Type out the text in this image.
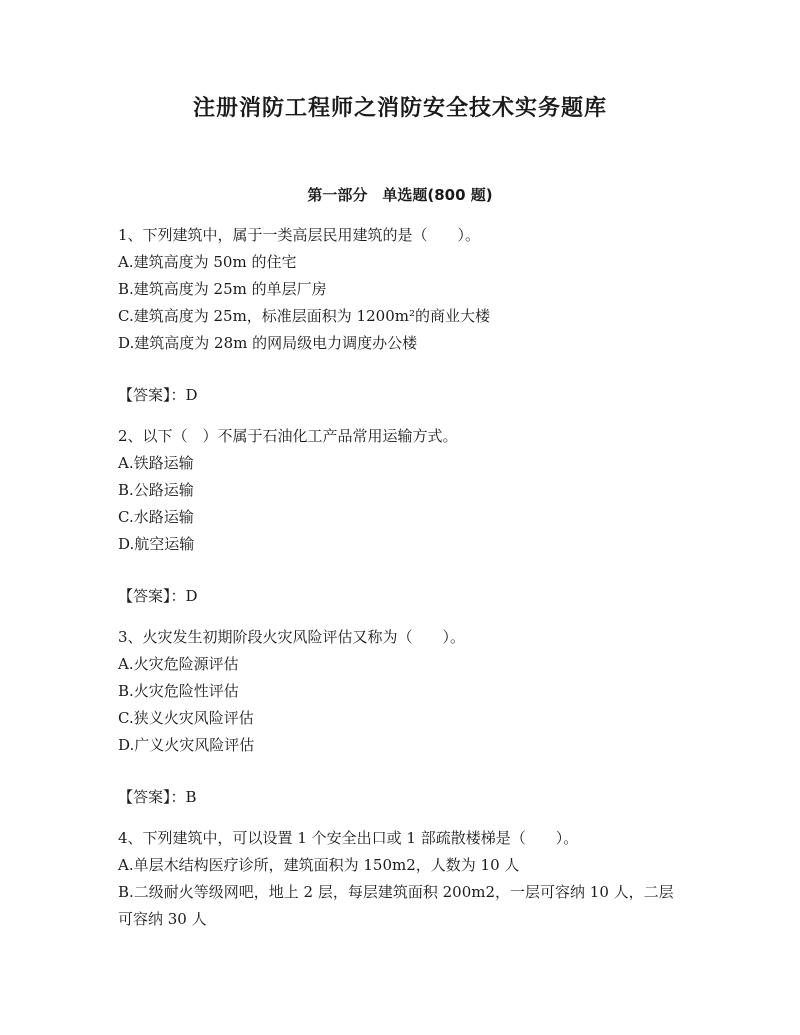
注册消防工程师之消防安全技术实务题库
第一部分　单选题(800 题)
1、下列建筑中，属于一类高层民用建筑的是（　　）。
A.建筑高度为 50m 的住宅
B.建筑高度为 25m 的单层厂房
C.建筑高度为 25m，标准层面积为 1200m²的商业大楼
D.建筑高度为 28m 的网局级电力调度办公楼
【答案】：D
2、以下（　）不属于石油化工产品常用运输方式。
A.铁路运输
B.公路运输
C.水路运输
D.航空运输
【答案】：D
3、火灾发生初期阶段火灾风险评估又称为（　　）。
A.火灾危险源评估
B.火灾危险性评估
C.狭义火灾风险评估
D.广义火灾风险评估
【答案】：B
4、下列建筑中，可以设置 1 个安全出口或 1 部疏散楼梯是（　　）。
A.单层木结构医疗诊所，建筑面积为 150m2，人数为 10 人
B.二级耐火等级网吧，地上 2 层，每层建筑面积 200m2，一层可容纳 10 人，二层可容纳 30 人
